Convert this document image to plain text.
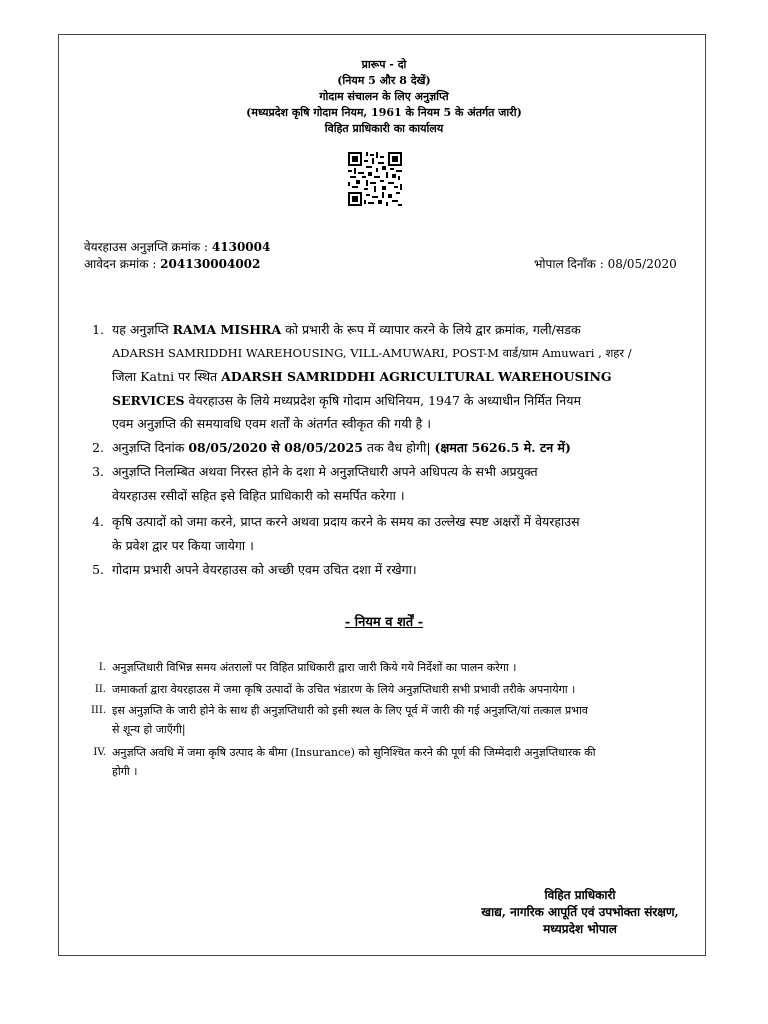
प्रारूप - दो
(नियम 5 और 8 देखें)
गोदाम संचालन के लिए अनुज्ञप्ति
(मध्यप्रदेश कृषि गोदाम नियम, 1961 के नियम 5 के अंतर्गत जारी)
विहित प्राधिकारी का कार्यालय
वेयरहाउस अनुज्ञप्ति क्रमांक : 4130004
आवेदन क्रमांक : 204130004002	भोपाल दिनाँक : 08/05/2020
1. यह अनुज्ञप्ति RAMA MISHRA को प्रभारी के रूप में व्यापार करने के लिये द्वार क्रमांक, गली/सडक
ADARSH SAMRIDDHI WAREHOUSING, VILL-AMUWARI, POST-M वार्ड/ग्राम Amuwari , शहर /
जिला Katni पर स्थित ADARSH SAMRIDDHI AGRICULTURAL WAREHOUSING
SERVICES वेयरहाउस के लिये मध्यप्रदेश कृषि गोदाम अधिनियम, 1947 के अध्याधीन निर्मित नियम
एवम अनुज्ञप्ति की समयावधि एवम शर्तों के अंतर्गत स्वीकृत की गयी है ।
2. अनुज्ञप्ति दिनांक 08/05/2020 से 08/05/2025 तक वैध होगी| (क्षमता 5626.5 मे. टन में)
3. अनुज्ञप्ति निलम्बित अथवा निरस्त होने के दशा मे अनुज्ञप्तिधारी अपने अधिपत्य के सभी अप्रयुक्त
वेयरहाउस रसीदों सहित इसे विहित प्राधिकारी को समर्पित करेगा ।
4. कृषि उत्पादों को जमा करने, प्राप्त करने अथवा प्रदाय करने के समय का उल्लेख स्पष्ट अक्षरों में वेयरहाउस
के प्रवेश द्वार पर किया जायेगा ।
5. गोदाम प्रभारी अपने वेयरहाउस को अच्छी एवम उचित दशा में रखेगा।
- नियम व शर्तें -
I. अनुज्ञप्तिधारी विभिन्न समय अंतरालों पर विहित प्राधिकारी द्वारा जारी किये गये निर्देशों का पालन करेगा ।
II. जमाकर्ता द्वारा वेयरहाउस में जमा कृषि उत्पादों के उचित भंडारण के लिये अनुज्ञप्तिधारी सभी प्रभावी तरीके अपनायेगा ।
III. इस अनुज्ञप्ति के जारी होने के साथ ही अनुज्ञप्तिधारी को इसी स्थल के लिए पूर्व में जारी की गई अनुज्ञप्ति/यां तत्काल प्रभाव
से शून्य हो जाएँगी|
IV. अनुज्ञप्ति अवधि में जमा कृषि उत्पाद के बीमा (Insurance) को सुनिश्चित करने की पूर्ण की जिम्मेदारी अनुज्ञप्तिधारक की
होगी ।
विहित प्राधिकारी
खाद्य, नागरिक आपूर्ति एवं उपभोक्ता संरक्षण,
मध्यप्रदेश भोपाल
